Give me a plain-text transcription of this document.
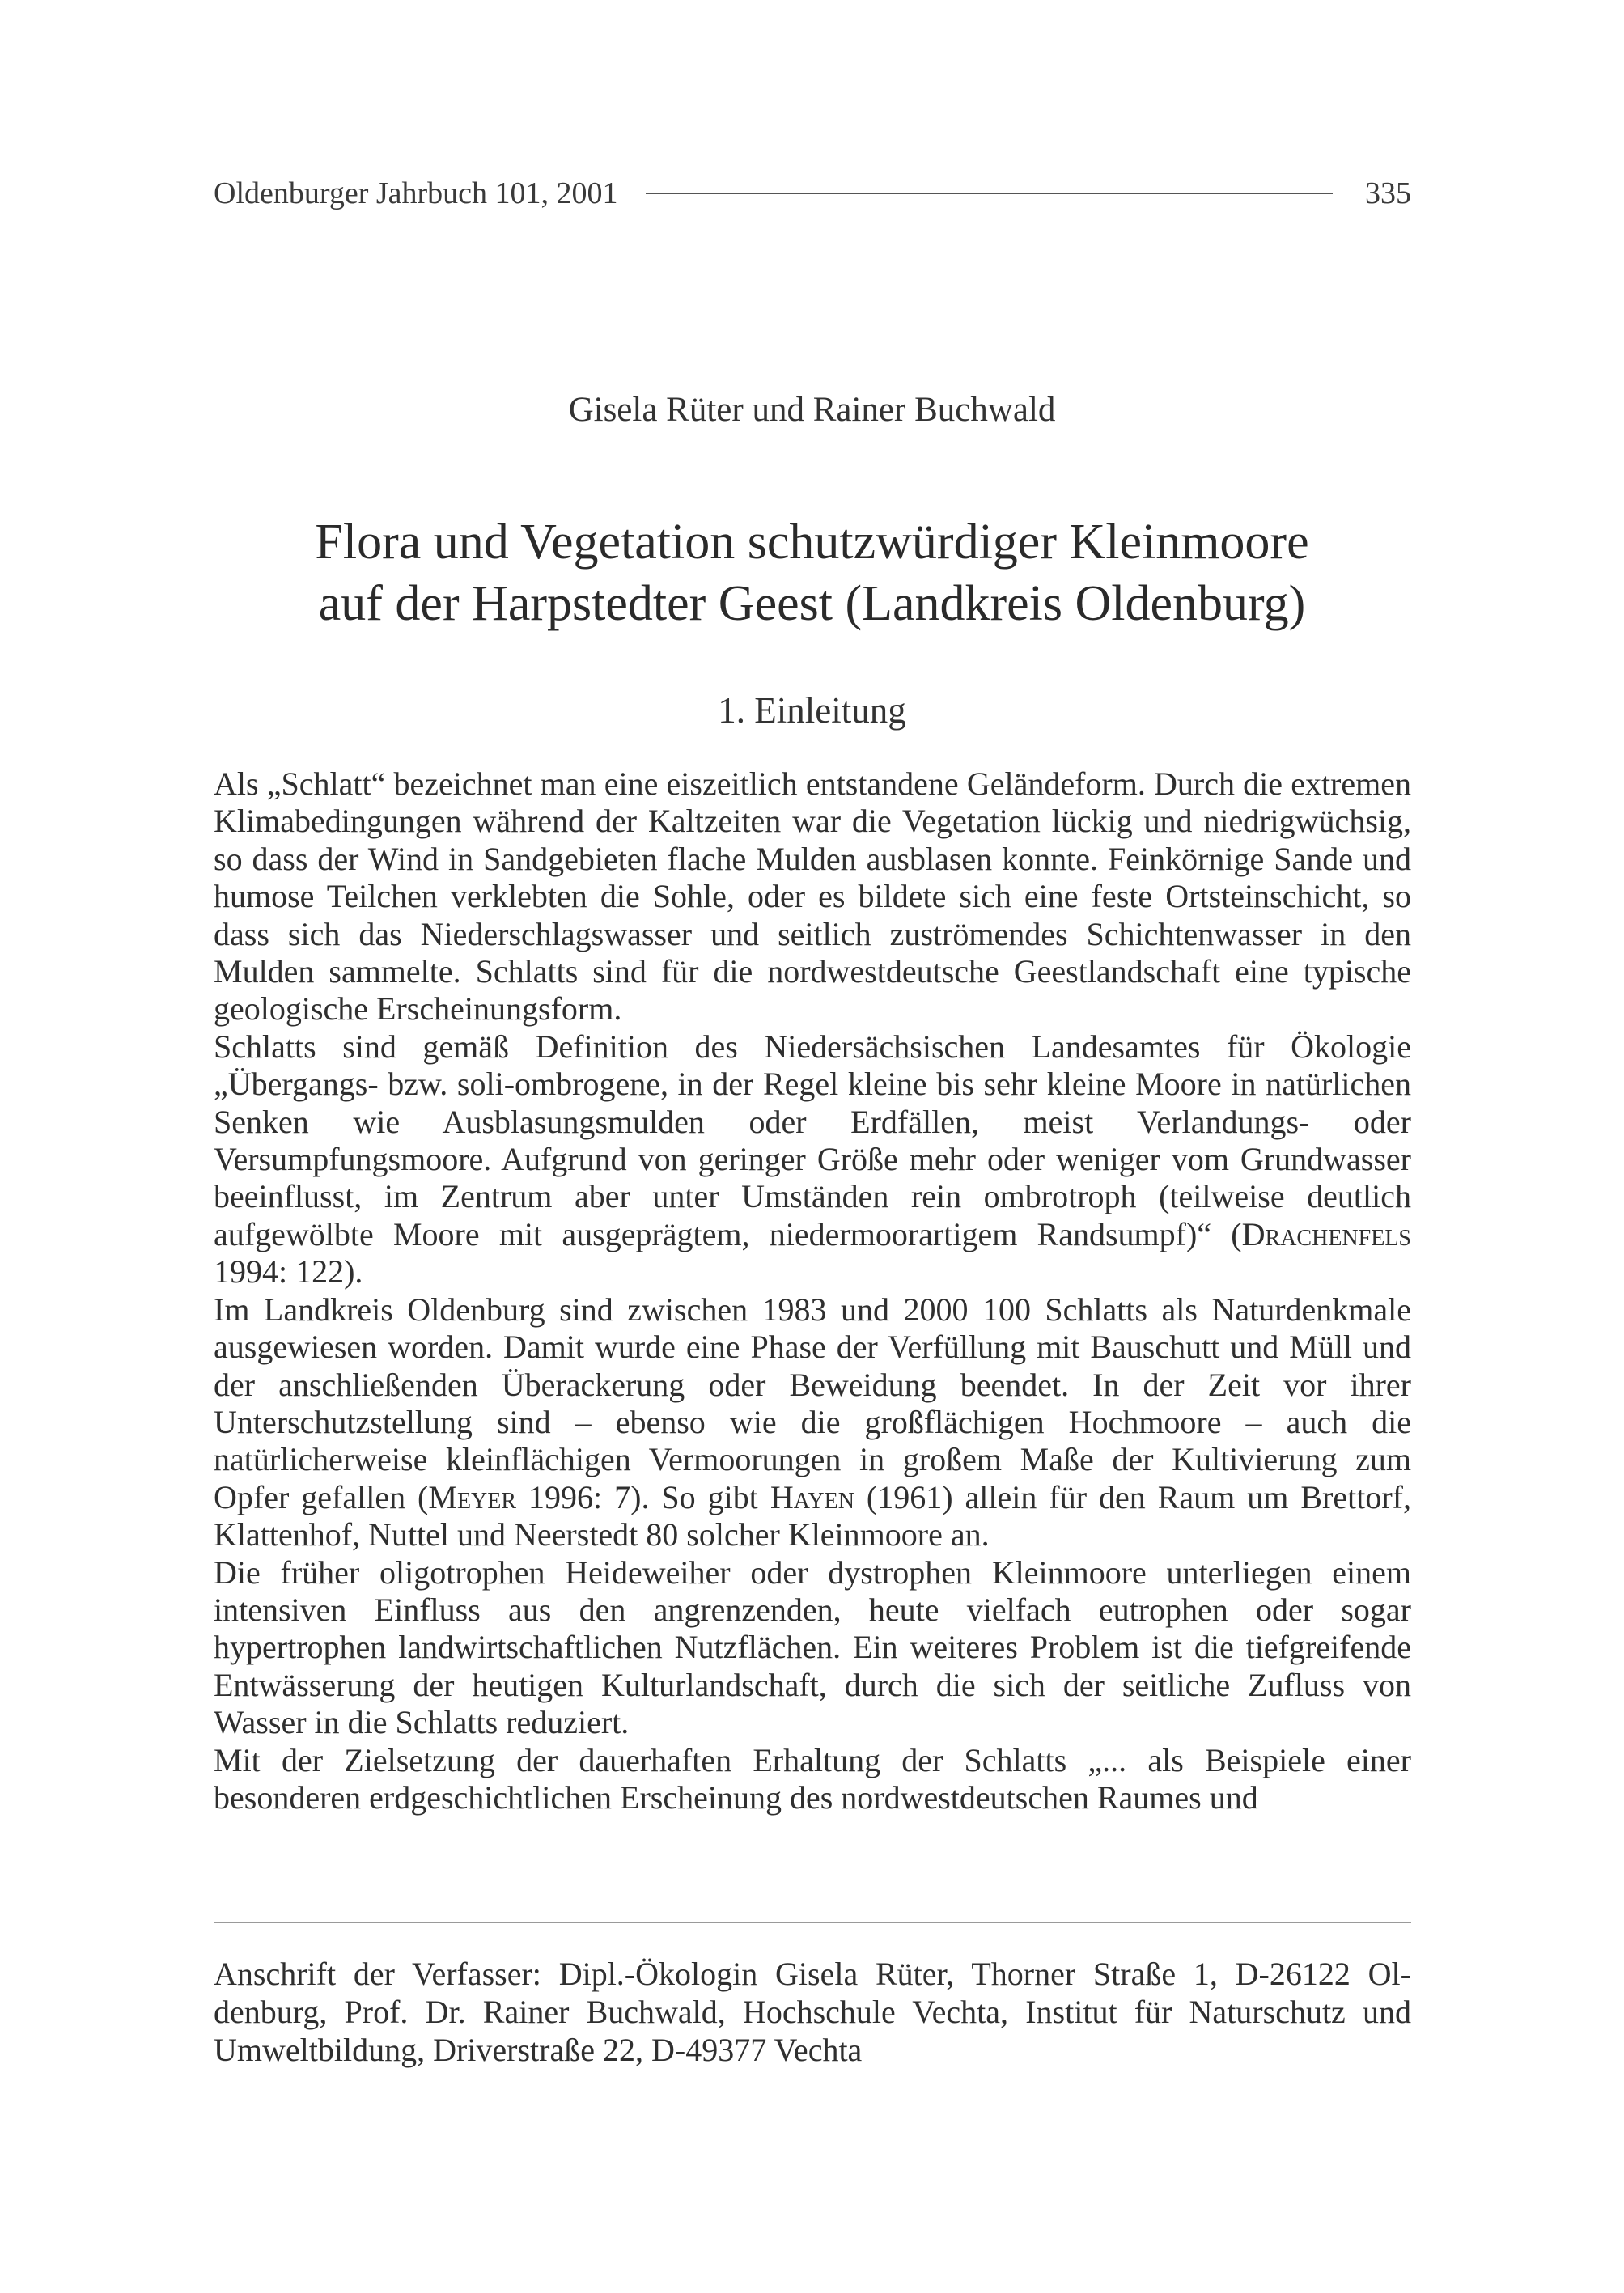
Oldenburger Jahrbuch 101, 2001	335
Gisela Rüter und Rainer Buchwald
Flora und Vegetation schutzwürdiger Kleinmoore
auf der Harpstedter Geest (Landkreis Oldenburg)
1. Einleitung

Als „Schlatt“ bezeichnet man eine eiszeitlich entstandene Geländeform. Durch die extremen Klimabedingungen während der Kaltzeiten war die Vegetation lückig und niedrigwüchsig, so dass der Wind in Sandgebieten flache Mulden ausblasen konnte. Feinkörnige Sande und humose Teilchen verklebten die Sohle, oder es bildete sich eine feste Ortsteinschicht, so dass sich das Niederschlagswasser und seitlich zuströmendes Schichtenwasser in den Mulden sammelte. Schlatts sind für die nordwestdeutsche Geestlandschaft eine typische geologische Erscheinungsform.

Schlatts sind gemäß Definition des Niedersächsischen Landesamtes für Ökologie „Übergangs- bzw. soli-ombrogene, in der Regel kleine bis sehr kleine Moore in natürlichen Senken wie Ausblasungsmulden oder Erdfällen, meist Verlandungs- oder Versumpfungsmoore. Aufgrund von geringer Größe mehr oder weniger vom Grundwasser beeinflusst, im Zentrum aber unter Umständen rein ombrotroph (teilweise deutlich aufgewölbte Moore mit ausgeprägtem, niedermoorartigem Randsumpf)“ (Drachenfels 1994: 122).

Im Landkreis Oldenburg sind zwischen 1983 und 2000 100 Schlatts als Naturdenkmale ausgewiesen worden. Damit wurde eine Phase der Verfüllung mit Bauschutt und Müll und der anschließenden Überackerung oder Beweidung beendet. In der Zeit vor ihrer Unterschutzstellung sind – ebenso wie die großflächigen Hochmoore – auch die natürlicherweise kleinflächigen Vermoorungen in großem Maße der Kultivierung zum Opfer gefallen (Meyer 1996: 7). So gibt Hayen (1961) allein für den Raum um Brettorf, Klattenhof, Nuttel und Neerstedt 80 solcher Kleinmoore an.

Die früher oligotrophen Heideweiher oder dystrophen Kleinmoore unterliegen einem intensiven Einfluss aus den angrenzenden, heute vielfach eutrophen oder sogar hypertrophen landwirtschaftlichen Nutzflächen. Ein weiteres Problem ist die tiefgreifende Entwässerung der heutigen Kulturlandschaft, durch die sich der seitliche Zufluss von Wasser in die Schlatts reduziert.

Mit der Zielsetzung der dauerhaften Erhaltung der Schlatts „... als Beispiele einer besonderen erdgeschichtlichen Erscheinung des nordwestdeutschen Raumes und

Anschrift der Verfasser: Dipl.-Ökologin Gisela Rüter, Thorner Straße 1, D-26122 Oldenburg, Prof. Dr. Rainer Buchwald, Hochschule Vechta, Institut für Naturschutz und Umweltbildung, Driverstraße 22, D-49377 Vechta
